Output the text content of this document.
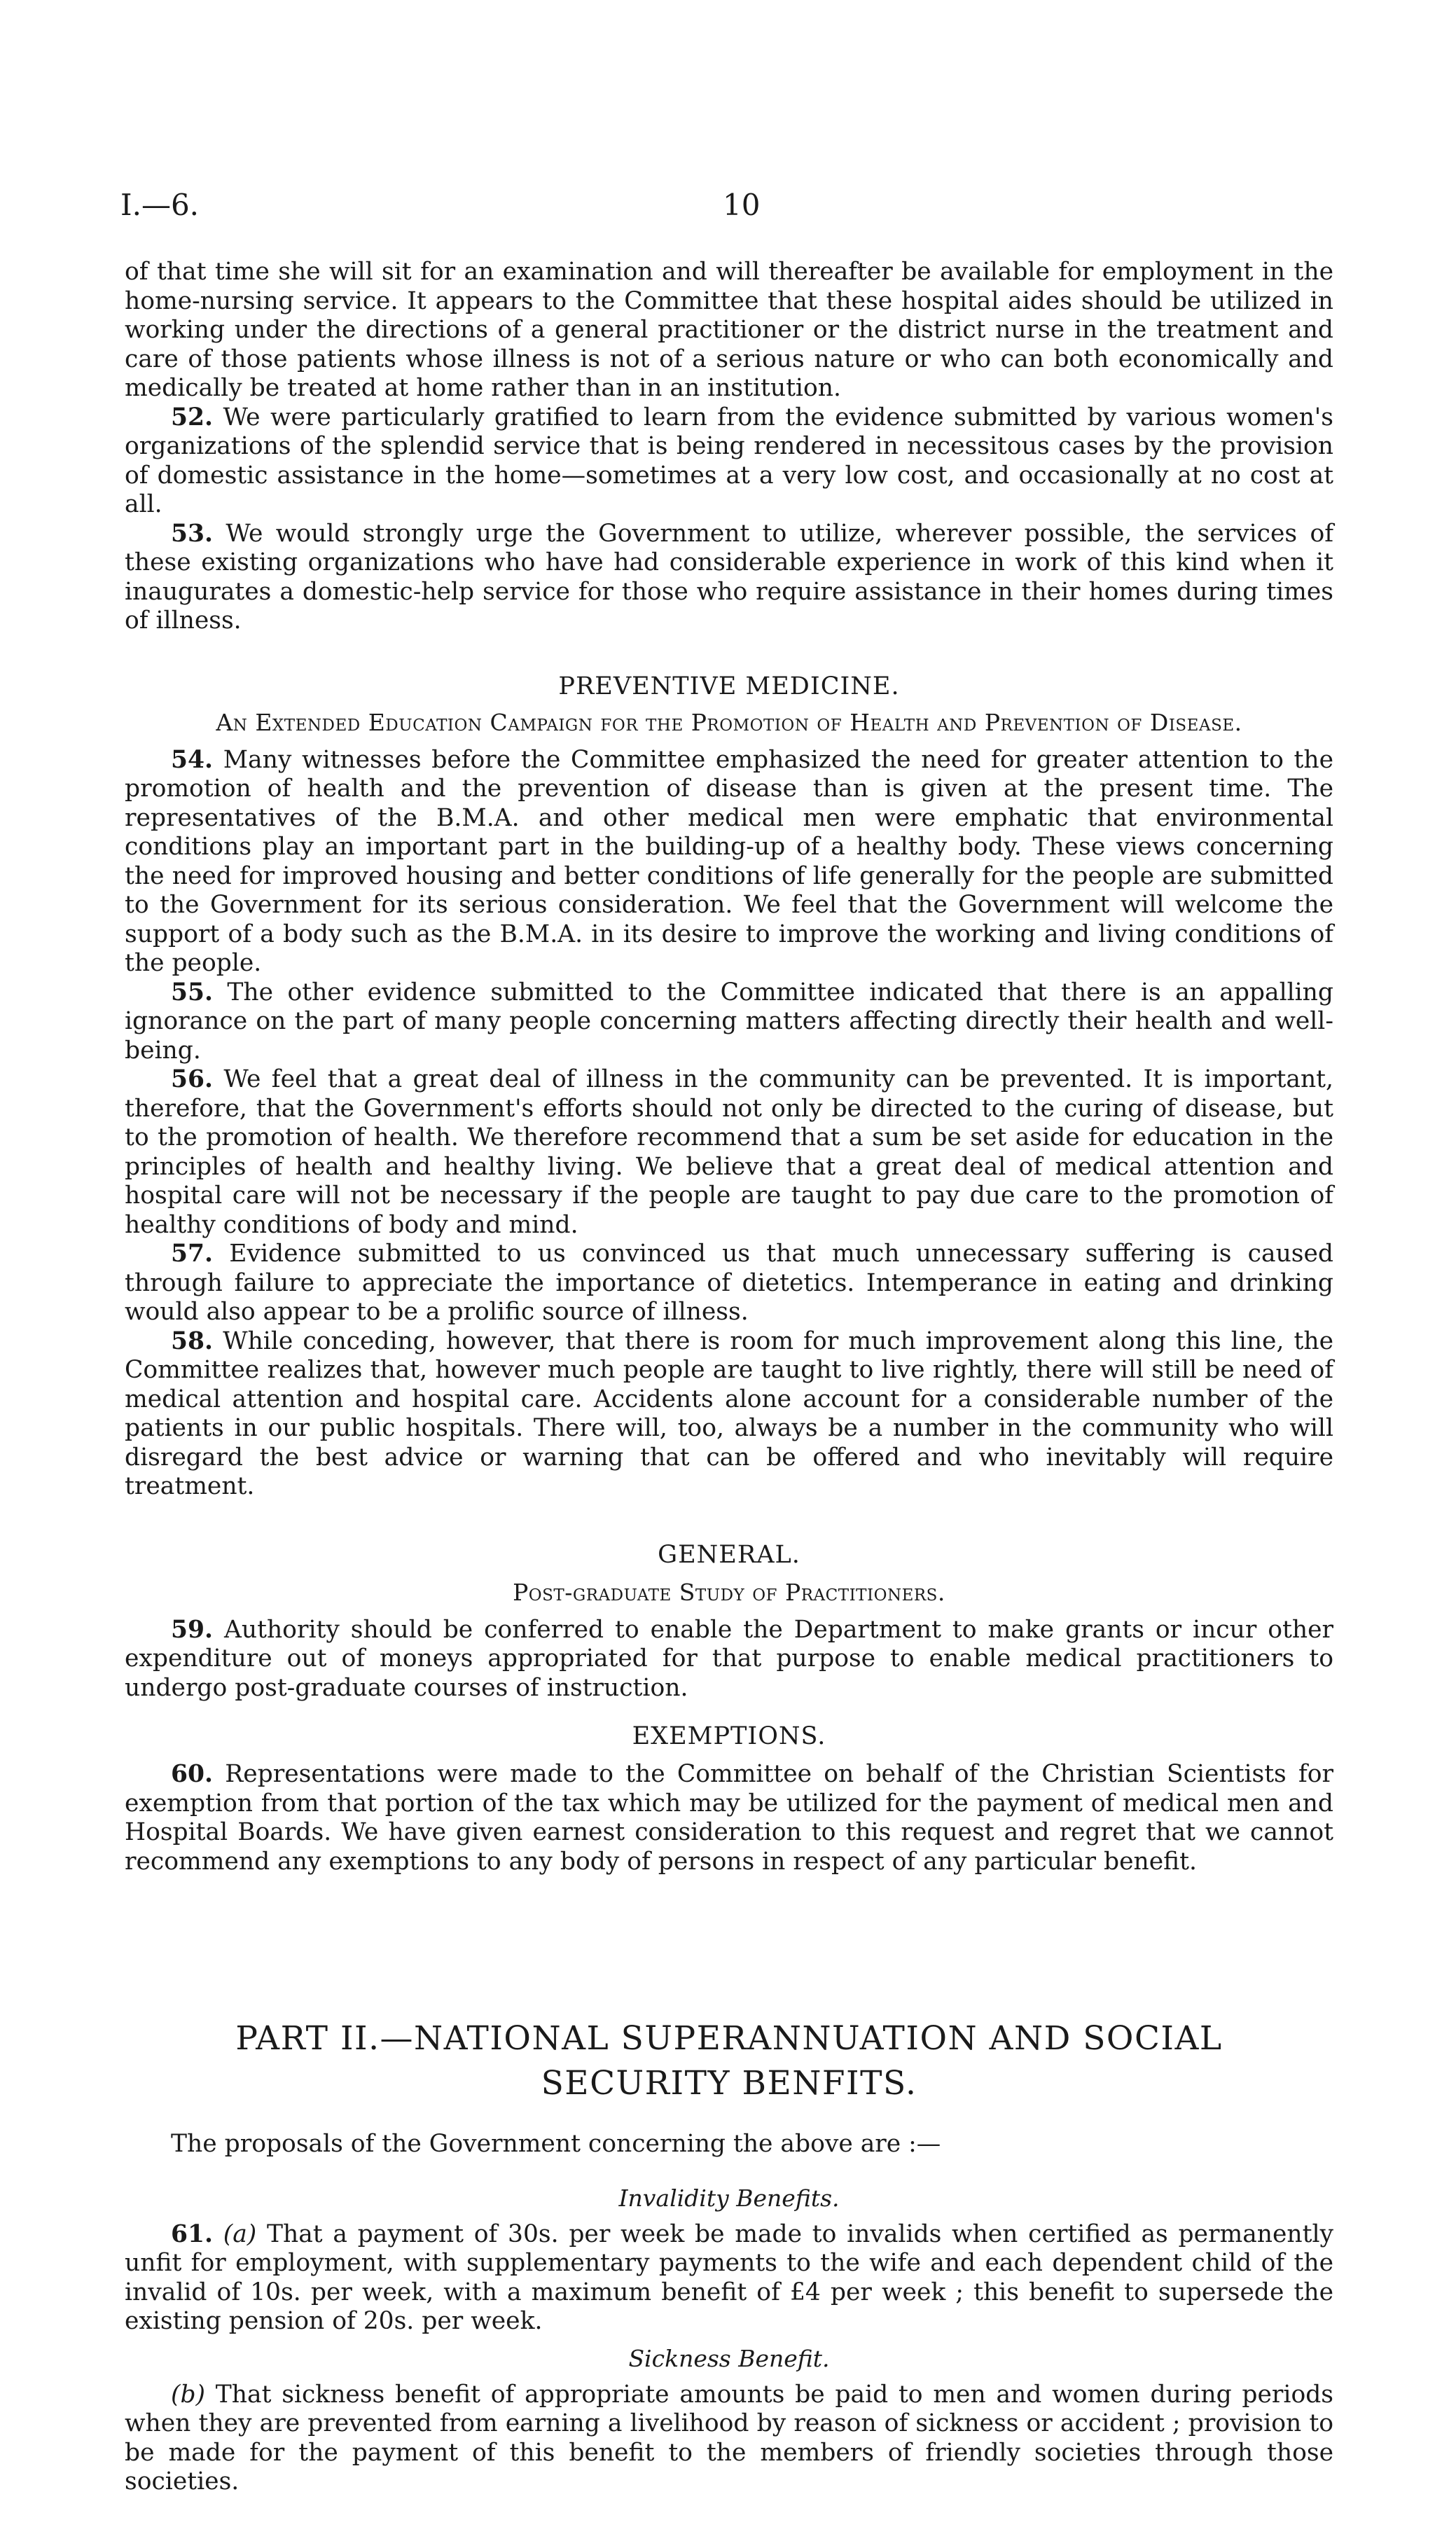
I.—6.	10

of that time she will sit for an examination and will thereafter be available for employment in the home-nursing service. It appears to the Committee that these hospital aides should be utilized in working under the directions of a general practitioner or the district nurse in the treatment and care of those patients whose illness is not of a serious nature or who can both economically and medically be treated at home rather than in an institution.

52. We were particularly gratified to learn from the evidence submitted by various women's organizations of the splendid service that is being rendered in necessitous cases by the provision of domestic assistance in the home—sometimes at a very low cost, and occasionally at no cost at all.

53. We would strongly urge the Government to utilize, wherever possible, the services of these existing organizations who have had considerable experience in work of this kind when it inaugurates a domestic-help service for those who require assistance in their homes during times of illness.

PREVENTIVE MEDICINE.
An Extended Education Campaign for the Promotion of Health and Prevention of Disease.

54. Many witnesses before the Committee emphasized the need for greater attention to the promotion of health and the prevention of disease than is given at the present time. The representatives of the B.M.A. and other medical men were emphatic that environmental conditions play an important part in the building-up of a healthy body. These views concerning the need for improved housing and better conditions of life generally for the people are submitted to the Government for its serious consideration. We feel that the Government will welcome the support of a body such as the B.M.A. in its desire to improve the working and living conditions of the people.

55. The other evidence submitted to the Committee indicated that there is an appalling ignorance on the part of many people concerning matters affecting directly their health and well-being.

56. We feel that a great deal of illness in the community can be prevented. It is important, therefore, that the Government's efforts should not only be directed to the curing of disease, but to the promotion of health. We therefore recommend that a sum be set aside for education in the principles of health and healthy living. We believe that a great deal of medical attention and hospital care will not be necessary if the people are taught to pay due care to the promotion of healthy conditions of body and mind.

57. Evidence submitted to us convinced us that much unnecessary suffering is caused through failure to appreciate the importance of dietetics. Intemperance in eating and drinking would also appear to be a prolific source of illness.

58. While conceding, however, that there is room for much improvement along this line, the Committee realizes that, however much people are taught to live rightly, there will still be need of medical attention and hospital care. Accidents alone account for a considerable number of the patients in our public hospitals. There will, too, always be a number in the community who will disregard the best advice or warning that can be offered and who inevitably will require treatment.

GENERAL.
Post-graduate Study of Practitioners.

59. Authority should be conferred to enable the Department to make grants or incur other expenditure out of moneys appropriated for that purpose to enable medical practitioners to undergo post-graduate courses of instruction.

EXEMPTIONS.

60. Representations were made to the Committee on behalf of the Christian Scientists for exemption from that portion of the tax which may be utilized for the payment of medical men and Hospital Boards. We have given earnest consideration to this request and regret that we cannot recommend any exemptions to any body of persons in respect of any particular benefit.

PART II.—NATIONAL SUPERANNUATION AND SOCIAL SECURITY BENFITS.

The proposals of the Government concerning the above are :—

Invalidity Benefits.

61. (a) That a payment of 30s. per week be made to invalids when certified as permanently unfit for employment, with supplementary payments to the wife and each dependent child of the invalid of 10s. per week, with a maximum benefit of £4 per week ; this benefit to supersede the existing pension of 20s. per week.

Sickness Benefit.

(b) That sickness benefit of appropriate amounts be paid to men and women during periods when they are prevented from earning a livelihood by reason of sickness or accident ; provision to be made for the payment of this benefit to the members of friendly societies through those societies.
